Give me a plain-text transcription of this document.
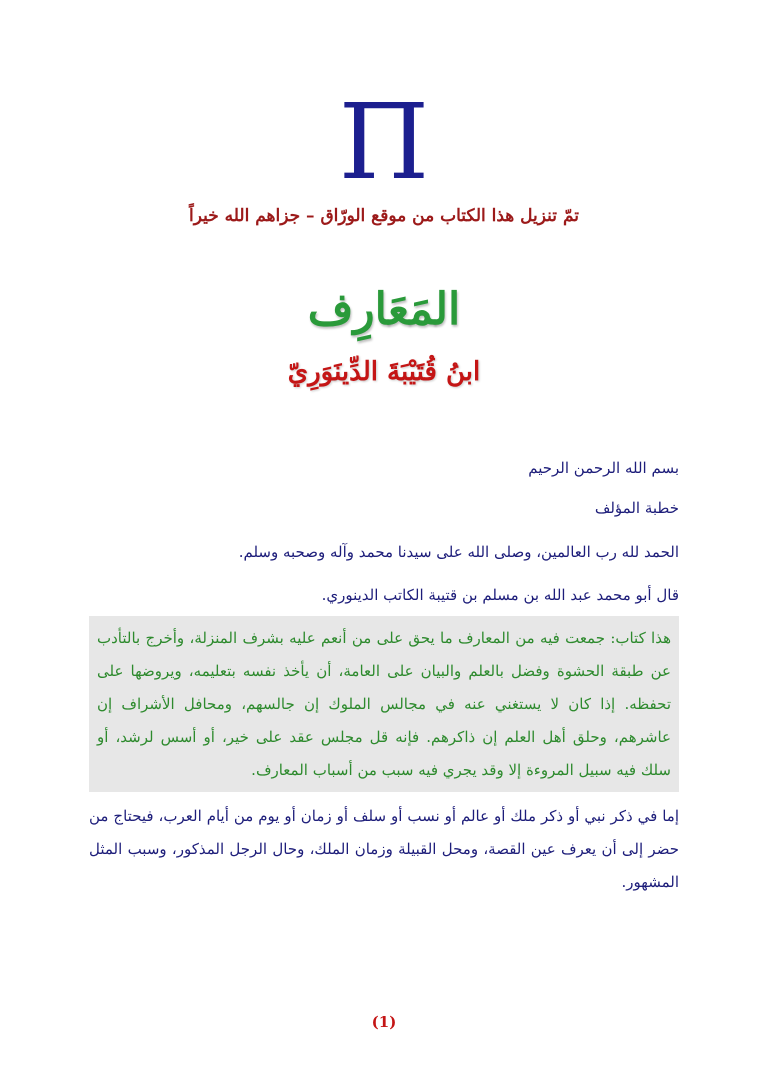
Π
تمّ تنزيل هذا الكتاب من موقع الورّاق – جزاهم الله خيراً
المَعَارِف
ابنُ قُتَيْبَةَ الدِّينَوَرِيّ
بسم الله الرحمن الرحيم
خطبة المؤلف
الحمد لله رب العالمين، وصلى الله على سيدنا محمد وآله وصحبه وسلم.
قال أبو محمد عبد الله بن مسلم بن قتيبة الكاتب الدينوري.
هذا كتاب: جمعت فيه من المعارف ما يحق على من أنعم عليه بشرف المنزلة، وأخرج بالتأدب عن طبقة الحشوة وفضل بالعلم والبيان على العامة، أن يأخذ نفسه بتعليمه، ويروضها على تحفظه. إذا كان لا يستغني عنه في مجالس الملوك إن جالسهم، ومحافل الأشراف إن عاشرهم، وحلق أهل العلم إن ذاكرهم. فإنه قل مجلس عقد على خير، أو أسس لرشد، أو سلك فيه سبيل المروءة إلا وقد يجري فيه سبب من أسباب المعارف.
إما في ذكر نبي أو ذكر ملك أو عالم أو نسب أو سلف أو زمان أو يوم من أيام العرب، فيحتاج من حضر إلى أن يعرف عين القصة، ومحل القبيلة وزمان الملك، وحال الرجل المذكور، وسبب المثل المشهور.
(1)
